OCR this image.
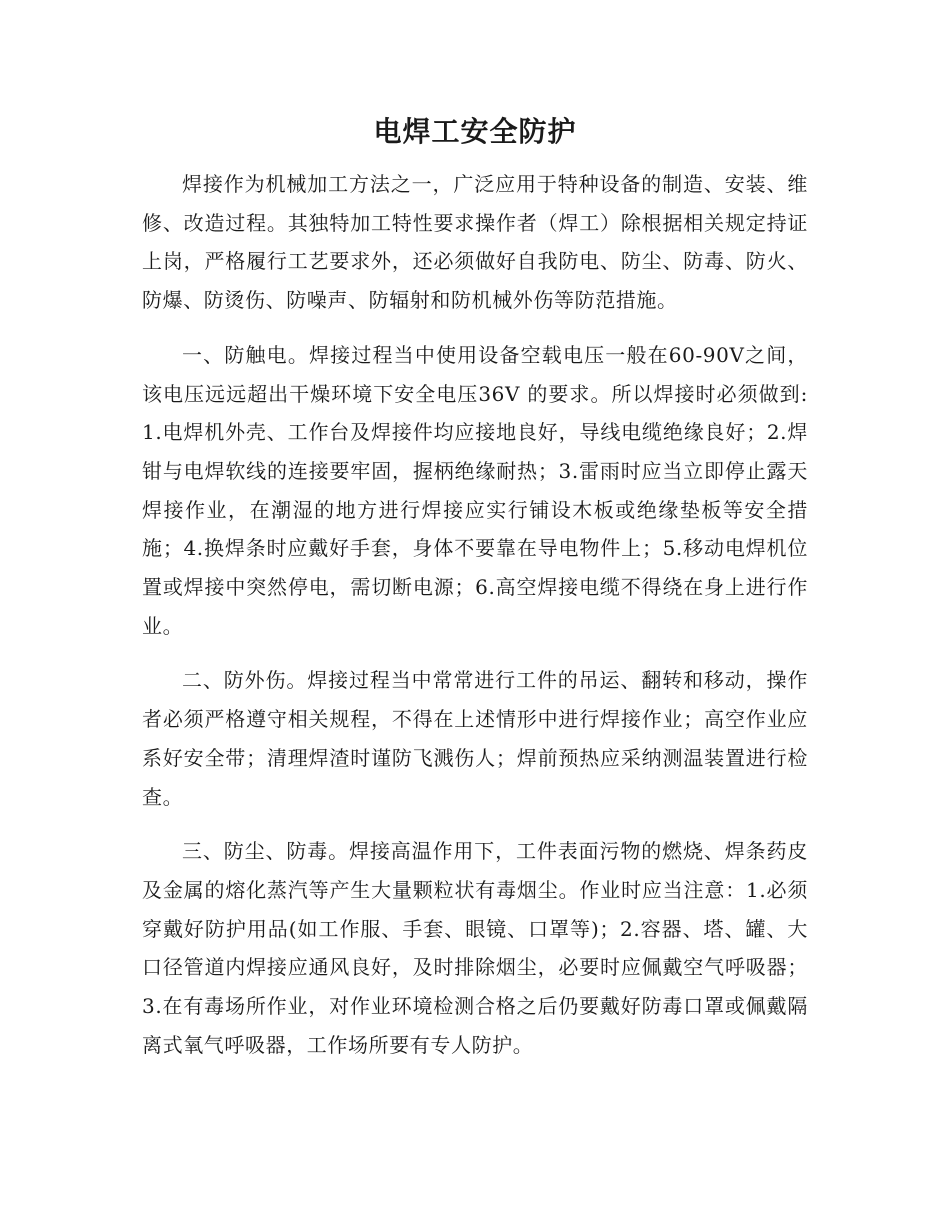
电焊工安全防护

焊接作为机械加工方法之一，广泛应用于特种设备的制造、安装、维修、改造过程。其独特加工特性要求操作者（焊工）除根据相关规定持证上岗，严格履行工艺要求外，还必须做好自我防电、防尘、防毒、防火、防爆、防烫伤、防噪声、防辐射和防机械外伤等防范措施。

一、防触电。焊接过程当中使用设备空载电压一般在60-90V之间，该电压远远超出干燥环境下安全电压36V 的要求。所以焊接时必须做到:1.电焊机外壳、工作台及焊接件均应接地良好，导线电缆绝缘良好；2.焊钳与电焊软线的连接要牢固，握柄绝缘耐热；3.雷雨时应当立即停止露天焊接作业，在潮湿的地方进行焊接应实行铺设木板或绝缘垫板等安全措施；4.换焊条时应戴好手套，身体不要靠在导电物件上；5.移动电焊机位置或焊接中突然停电，需切断电源；6.高空焊接电缆不得绕在身上进行作业。

二、防外伤。焊接过程当中常常进行工件的吊运、翻转和移动，操作者必须严格遵守相关规程，不得在上述情形中进行焊接作业；高空作业应系好安全带；清理焊渣时谨防飞溅伤人；焊前预热应采纳测温装置进行检查。

三、防尘、防毒。焊接高温作用下，工件表面污物的燃烧、焊条药皮及金属的熔化蒸汽等产生大量颗粒状有毒烟尘。作业时应当注意：1.必须穿戴好防护用品(如工作服、手套、眼镜、口罩等)；2.容器、塔、罐、大口径管道内焊接应通风良好，及时排除烟尘，必要时应佩戴空气呼吸器；3.在有毒场所作业，对作业环境检测合格之后仍要戴好防毒口罩或佩戴隔离式氧气呼吸器，工作场所要有专人防护。
